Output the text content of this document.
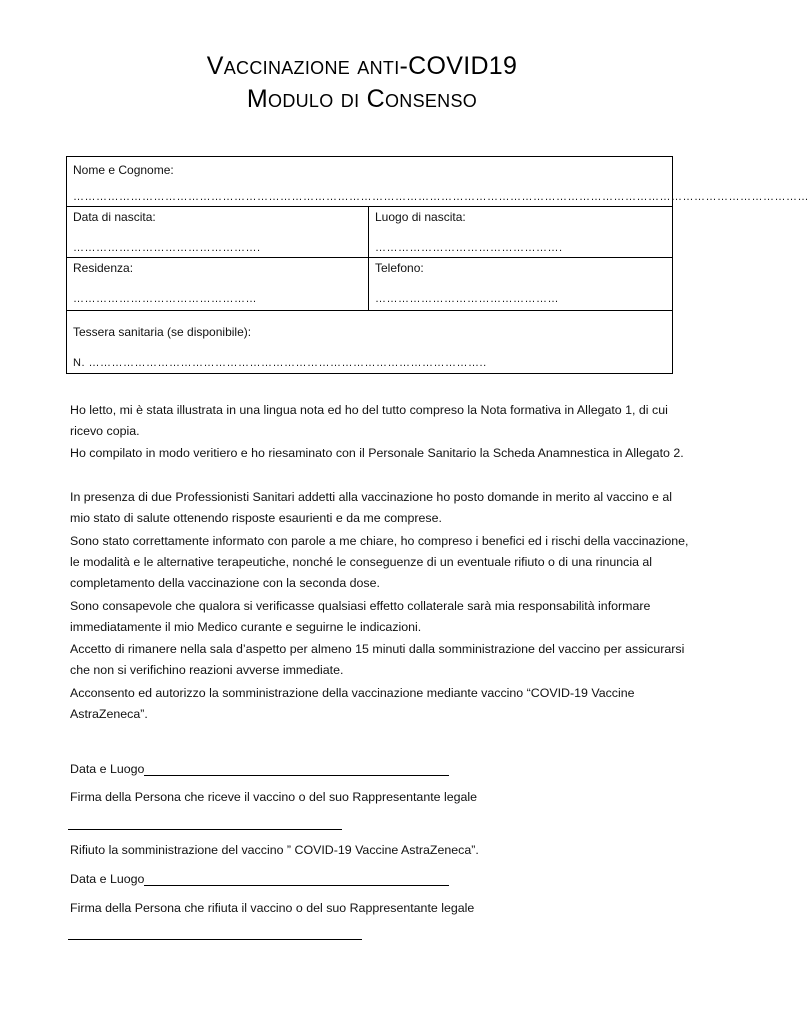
Vaccinazione anti-COVID19
Modulo di Consenso
Nome e Cognome:
…………………………………………………………………………………………………………………………………………………………………………
Data di nascita:
………………………………………….
Luogo di nascita:
………………………………………….
Residenza:
…………………………………………
Telefono:
…………………………………………
Tessera sanitaria (se disponibile):
N. …………………………………………………………………………………………..
Ho letto, mi è stata illustrata in una lingua nota ed ho del tutto compreso la Nota formativa in Allegato 1, di cui ricevo copia.
Ho compilato in modo veritiero e ho riesaminato con il Personale Sanitario la Scheda Anamnestica in Allegato 2.
In presenza di due Professionisti Sanitari addetti alla vaccinazione ho posto domande in merito al vaccino e al mio stato di salute ottenendo risposte esaurienti e da me comprese.
Sono stato correttamente informato con parole a me chiare, ho compreso i benefici ed i rischi della vaccinazione, le modalità e le alternative terapeutiche, nonché le conseguenze di un eventuale rifiuto o di una rinuncia al completamento della vaccinazione con la seconda dose.
Sono consapevole che qualora si verificasse qualsiasi effetto collaterale sarà mia responsabilità informare immediatamente il mio Medico curante e seguirne le indicazioni.
Accetto di rimanere nella sala d’aspetto per almeno 15 minuti dalla somministrazione del vaccino per assicurarsi che non si verifichino reazioni avverse immediate.
Acconsento ed autorizzo la somministrazione della vaccinazione mediante vaccino “COVID-19 Vaccine AstraZeneca”.
Data e Luogo
Firma della Persona che riceve il vaccino o del suo Rappresentante legale
Rifiuto la somministrazione del vaccino ” COVID-19 Vaccine AstraZeneca”.
Data e Luogo
Firma della Persona che rifiuta il vaccino o del suo Rappresentante legale
